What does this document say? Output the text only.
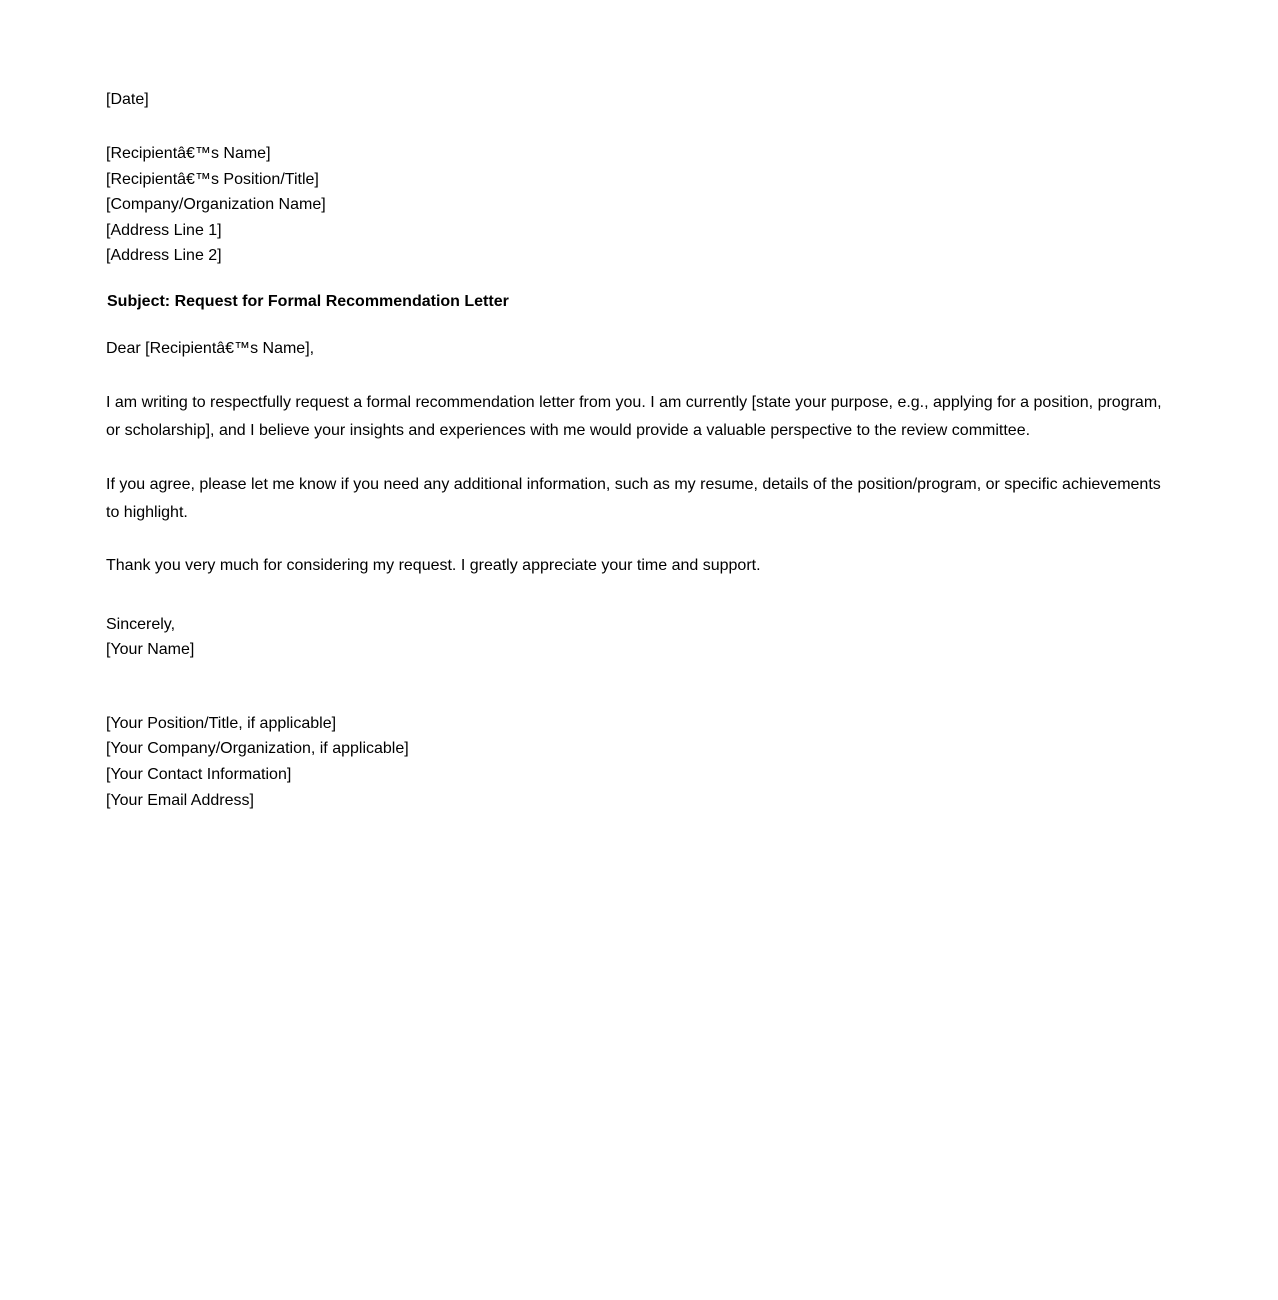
[Date]
[Recipientâ€™s Name]
[Recipientâ€™s Position/Title]
[Company/Organization Name]
[Address Line 1]
[Address Line 2]
Subject: Request for Formal Recommendation Letter
Dear [Recipientâ€™s Name],
I am writing to respectfully request a formal recommendation letter from you. I am currently [state your purpose, e.g., applying for a position, program, or scholarship], and I believe your insights and experiences with me would provide a valuable perspective to the review committee.
If you agree, please let me know if you need any additional information, such as my resume, details of the position/program, or specific achievements to highlight.
Thank you very much for considering my request. I greatly appreciate your time and support.
Sincerely,
[Your Name]
[Your Position/Title, if applicable]
[Your Company/Organization, if applicable]
[Your Contact Information]
[Your Email Address]
